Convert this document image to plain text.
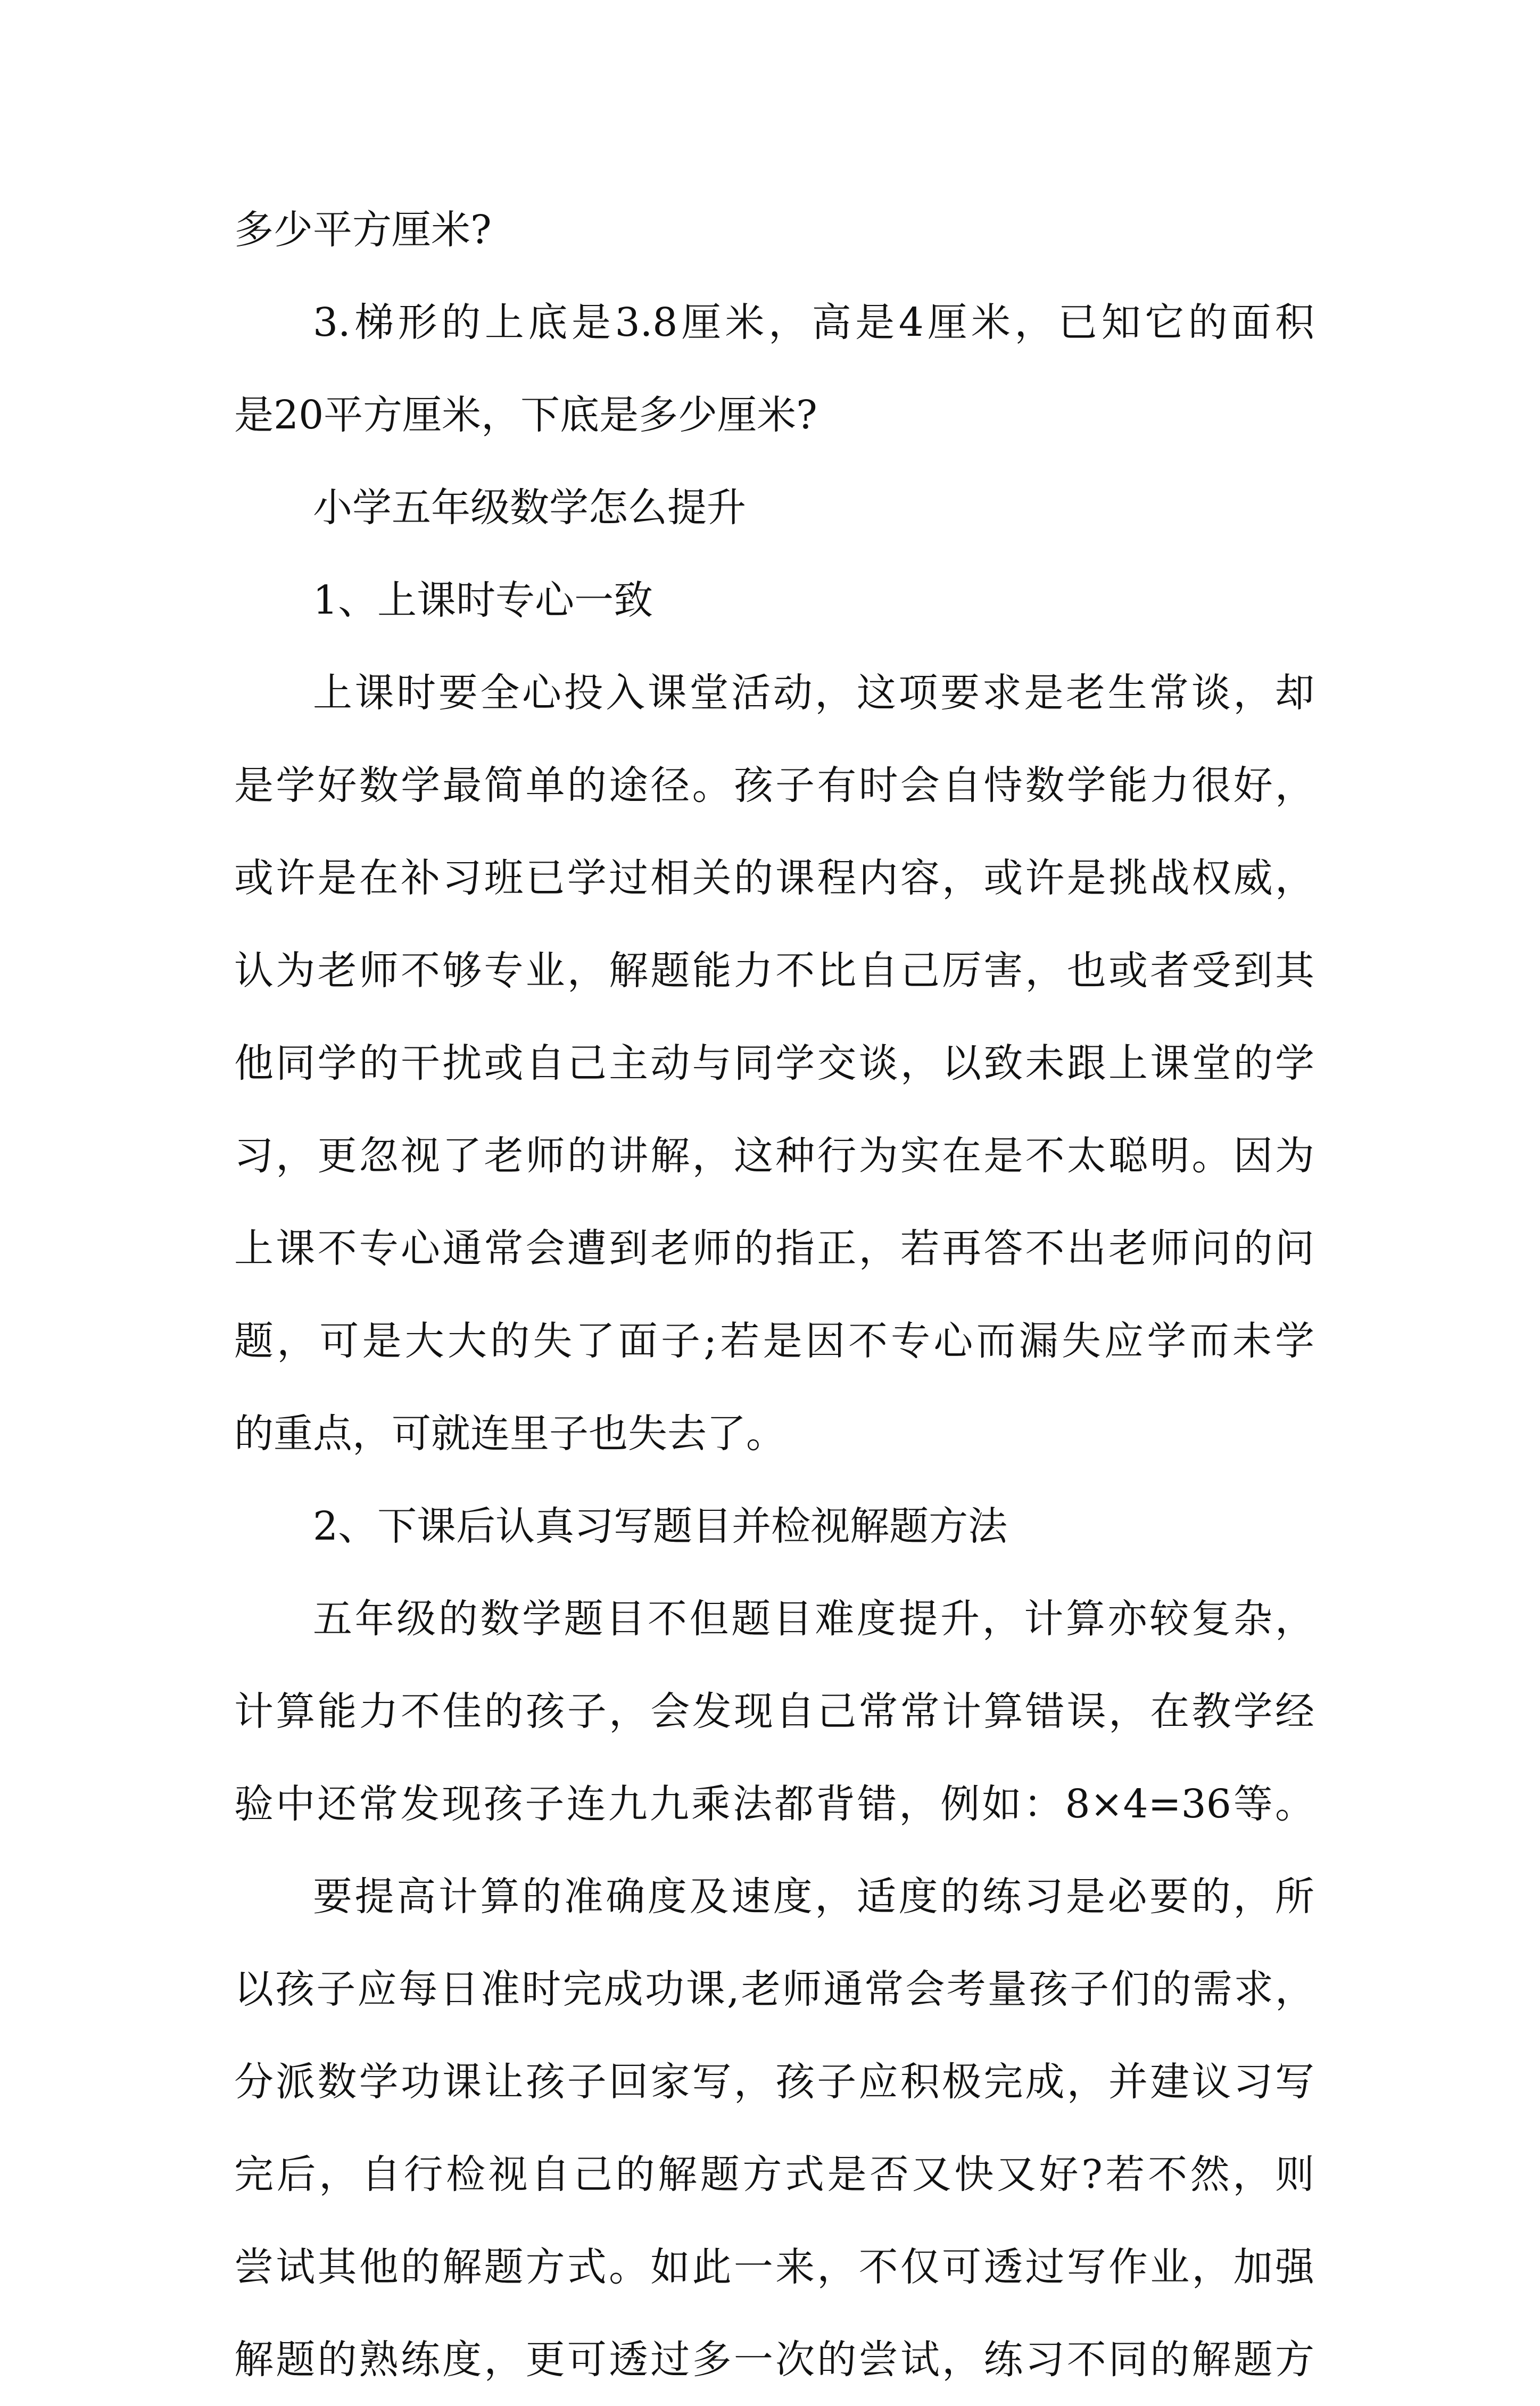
多少平方厘米?
3.梯形的上底是3.8厘米，高是4厘米，已知它的面积
是20平方厘米，下底是多少厘米?
小学五年级数学怎么提升
1、上课时专心一致
上课时要全心投入课堂活动，这项要求是老生常谈，却
是学好数学最简单的途径。孩子有时会自恃数学能力很好，
或许是在补习班已学过相关的课程内容，或许是挑战权威，
认为老师不够专业，解题能力不比自己厉害，也或者受到其
他同学的干扰或自己主动与同学交谈，以致未跟上课堂的学
习，更忽视了老师的讲解，这种行为实在是不太聪明。因为
上课不专心通常会遭到老师的指正，若再答不出老师问的问
题，可是大大的失了面子;若是因不专心而漏失应学而未学
的重点，可就连里子也失去了。
2、下课后认真习写题目并检视解题方法
五年级的数学题目不但题目难度提升，计算亦较复杂，
计算能力不佳的孩子，会发现自己常常计算错误，在教学经
验中还常发现孩子连九九乘法都背错，例如：8×4=36等。
要提高计算的准确度及速度，适度的练习是必要的，所
以孩子应每日准时完成功课,老师通常会考量孩子们的需求，
分派数学功课让孩子回家写，孩子应积极完成，并建议习写
完后，自行检视自己的解题方式是否又快又好?若不然，则
尝试其他的解题方式。如此一来，不仅可透过写作业，加强
解题的熟练度，更可透过多一次的尝试，练习不同的解题方
